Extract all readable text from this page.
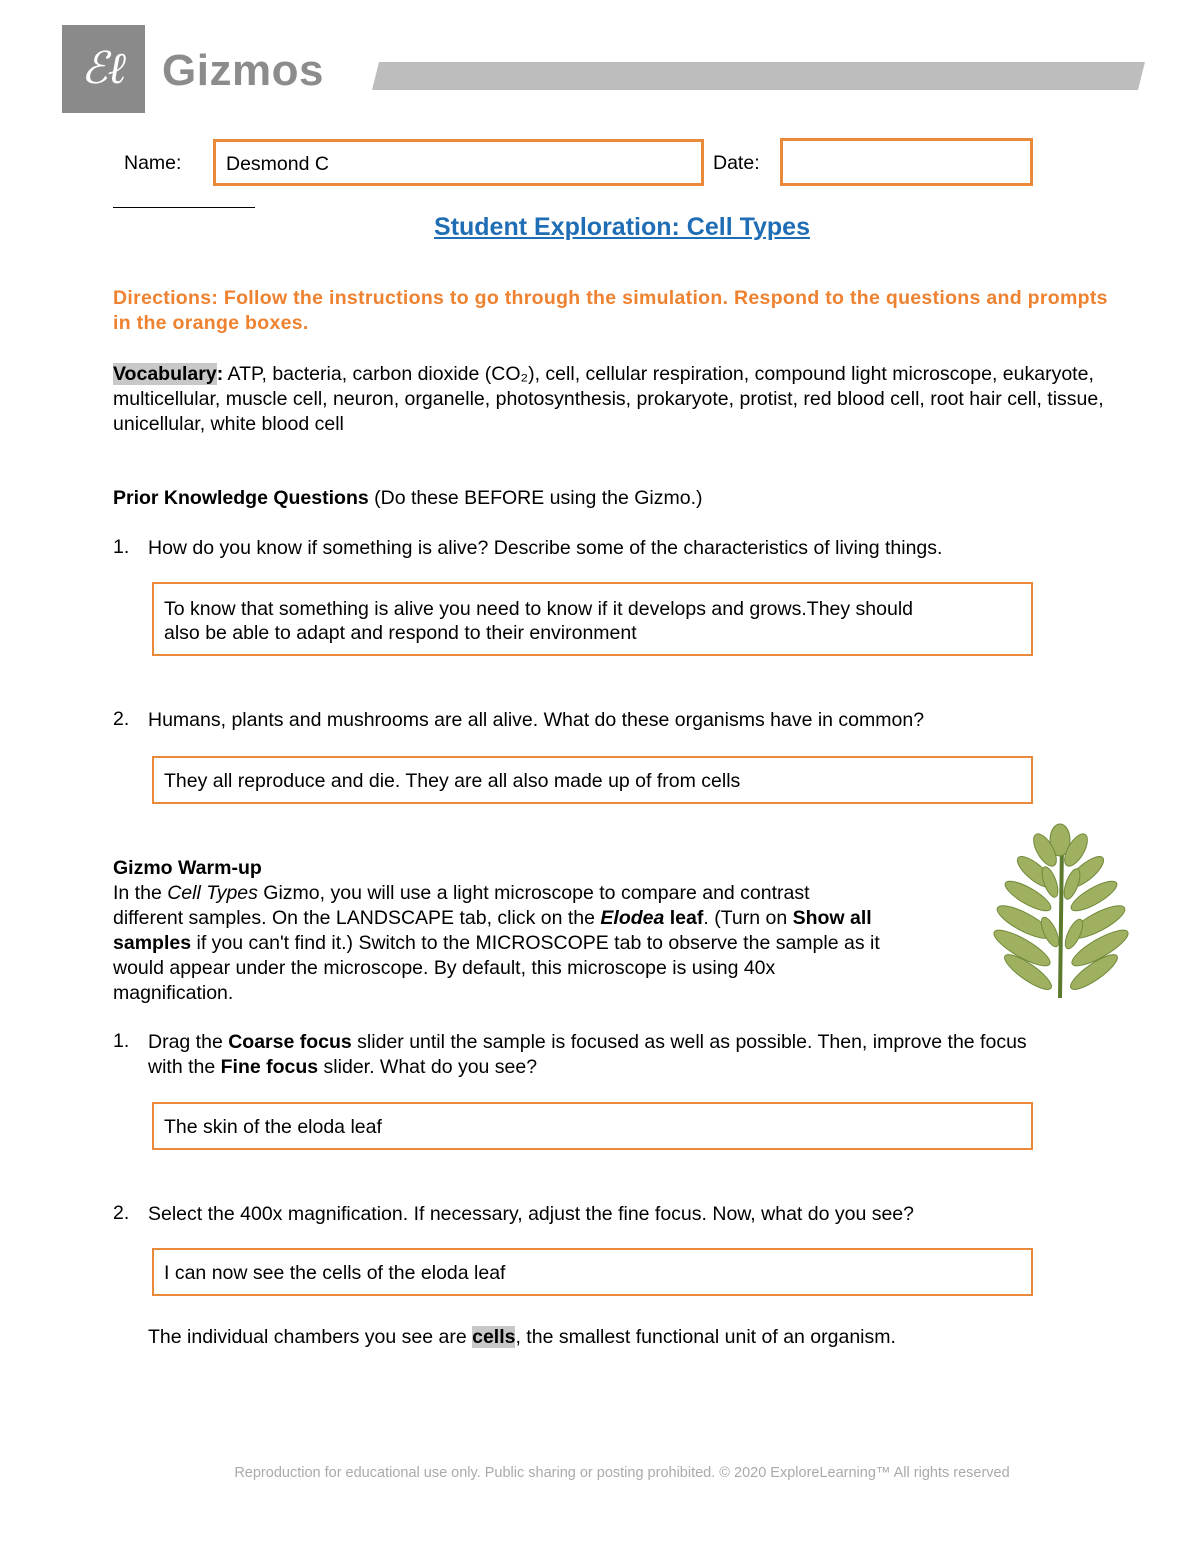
ℰℓ Gizmos
Name: Desmond C	Date:
Student Exploration: Cell Types
Directions: Follow the instructions to go through the simulation. Respond to the questions and prompts in the orange boxes.
Vocabulary: ATP, bacteria, carbon dioxide (CO₂), cell, cellular respiration, compound light microscope, eukaryote, multicellular, muscle cell, neuron, organelle, photosynthesis, prokaryote, protist, red blood cell, root hair cell, tissue, unicellular, white blood cell
Prior Knowledge Questions (Do these BEFORE using the Gizmo.)
1. How do you know if something is alive? Describe some of the characteristics of living things.
To know that something is alive you need to know if it develops and grows.They should
also be able to adapt and respond to their environment
2. Humans, plants and mushrooms are all alive. What do these organisms have in common?
They all reproduce and die. They are all also made up of from cells
Gizmo Warm-up
In the Cell Types Gizmo, you will use a light microscope to compare and contrast
different samples. On the LANDSCAPE tab, click on the Elodea leaf. (Turn on Show all
samples if you can't find it.) Switch to the MICROSCOPE tab to observe the sample as it
would appear under the microscope. By default, this microscope is using 40x
magnification.
1. Drag the Coarse focus slider until the sample is focused as well as possible. Then, improve the focus
with the Fine focus slider. What do you see?
The skin of the eloda leaf
2. Select the 400x magnification. If necessary, adjust the fine focus. Now, what do you see?
I can now see the cells of the eloda leaf
The individual chambers you see are cells, the smallest functional unit of an organism.
Reproduction for educational use only. Public sharing or posting prohibited. © 2020 ExploreLearning™ All rights reserved
